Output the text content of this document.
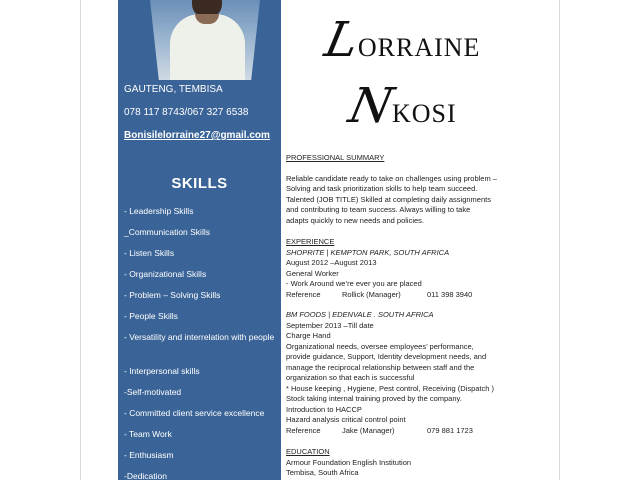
GAUTENG, TEMBISA
078 117 8743/067 327 6538
Bonisilelorraine27@gmail.com
SKILLS
- Leadership Skills
_Communication Skills
- Listen Skills
- Organizational Skills
- Problem – Solving Skills
- People Skills
- Versatility and interrelation with people
- Interpersonal skills
-Self-motivated
- Committed client service excellence
- Team Work
- Enthusiasm
-Dedication
LORRAINE
NKOSI
PROFESSIONAL SUMMARY
Reliable candidate ready to take on challenges using problem –
Solving and task prioritization skills to help team succeed.
Talented (JOB TITLE) Skilled at completing daily assignments
and contributing to team success. Always willing to take
adapts quickly to new needs and policies.
EXPERIENCE
SHOPRITE | KEMPTON PARK, SOUTH AFRICA
August 2012 –August 2013
General Worker
- Work Around we’re ever you are placed
Reference	Rollick (Manager)	011 398 3940
BM FOODS | EDENVALE . SOUTH AFRICA
September 2013 –Till date
Charge Hand
Organizational needs, oversee employees’ performance,
provide guidance, Support, Identity development needs, and
manage the reciprocal relationship between staff and the
organization so that each is successful
* House keeping , Hygiene, Pest control, Receiving (Dispatch )
Stock taking internal training proved by the company.
Introduction to HACCP
Hazard analysis critical control point
Reference	Jake (Manager)	079 881 1723
EDUCATION
Armour Foundation English Institution
Tembisa, South Africa
